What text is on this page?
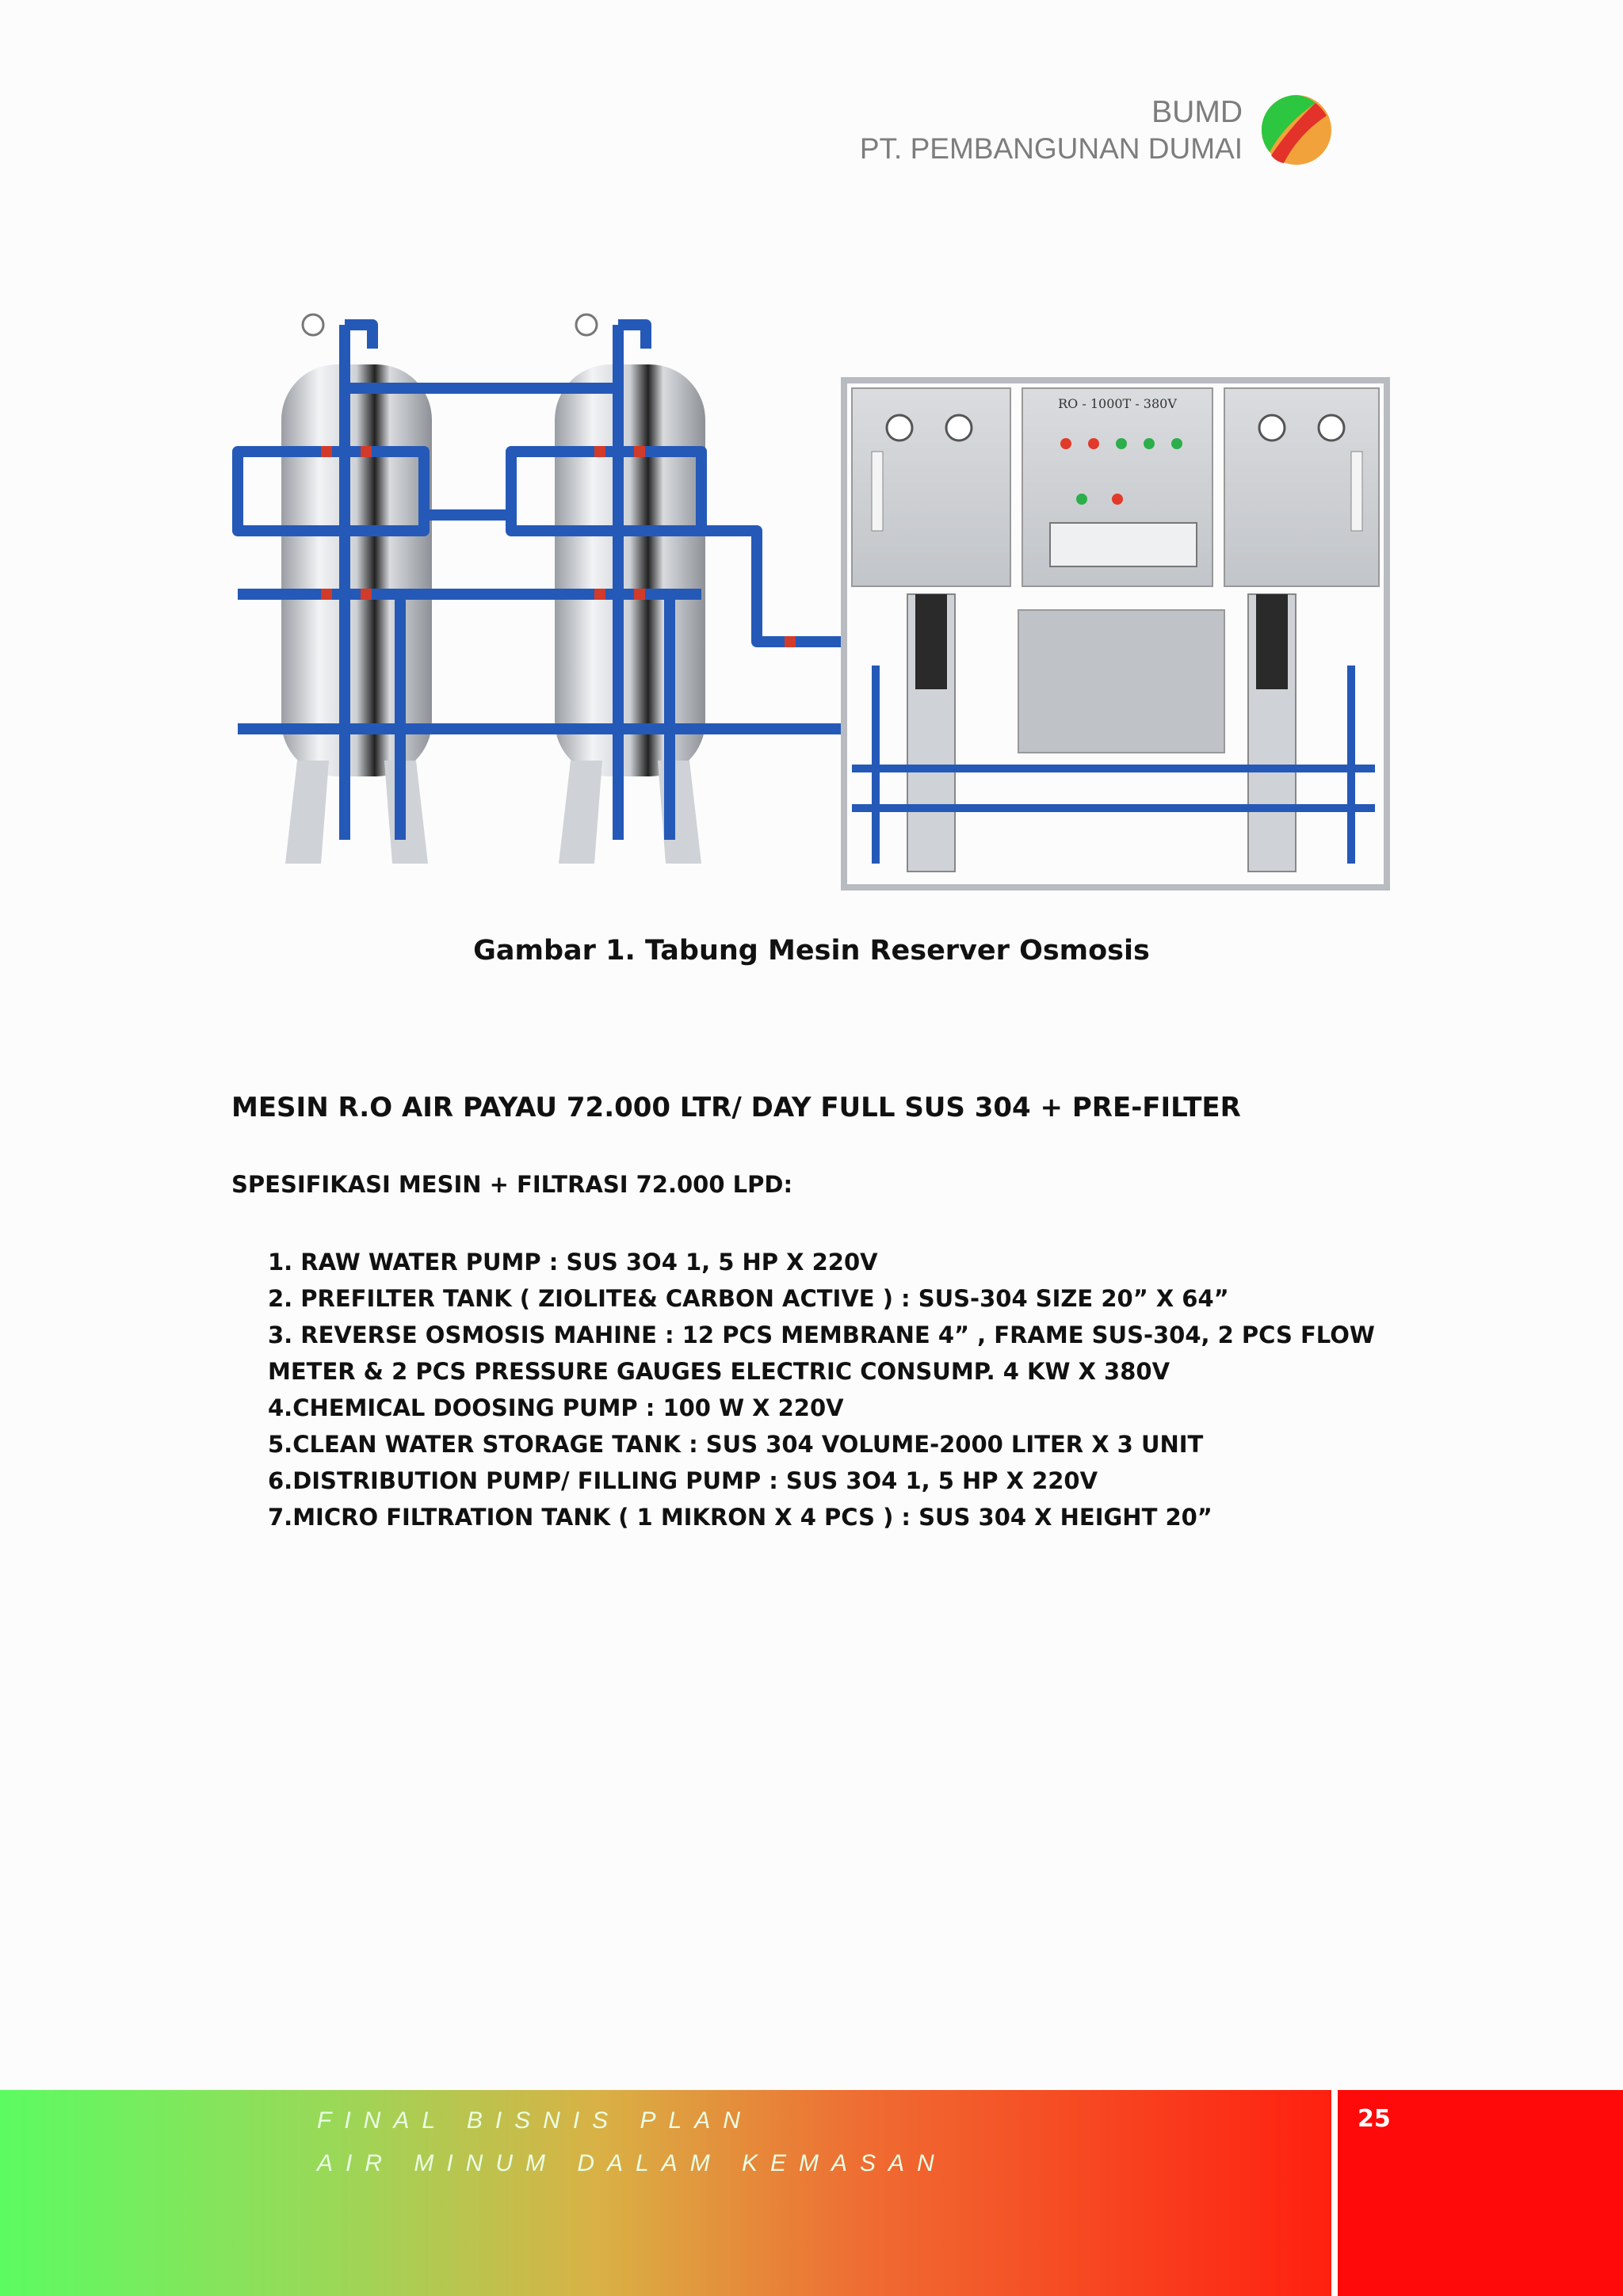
BUMD
PT. PEMBANGUNAN DUMAI
RO - 1000T - 380V
Gambar 1. Tabung Mesin Reserver Osmosis
MESIN R.O AIR PAYAU 72.000 LTR/ DAY FULL SUS 304 + PRE-FILTER
SPESIFIKASI MESIN + FILTRASI 72.000 LPD:
1. RAW WATER PUMP : SUS 3O4 1, 5 HP X 220V
2. PREFILTER TANK ( ZIOLITE& CARBON ACTIVE ) : SUS-304 SIZE 20” X 64”
3. REVERSE OSMOSIS MAHINE : 12 PCS MEMBRANE 4” , FRAME SUS-304, 2 PCS FLOW
METER & 2 PCS PRESSURE GAUGES ELECTRIC CONSUMP. 4 KW X 380V
4.CHEMICAL DOOSING PUMP : 100 W X 220V
5.CLEAN WATER STORAGE TANK : SUS 304 VOLUME-2000 LITER X 3 UNIT
6.DISTRIBUTION PUMP/ FILLING PUMP : SUS 3O4 1, 5 HP X 220V
7.MICRO FILTRATION TANK ( 1 MIKRON X 4 PCS ) : SUS 304 X HEIGHT 20”
FINAL BISNIS PLAN
AIR MINUM DALAM KEMASAN
25
